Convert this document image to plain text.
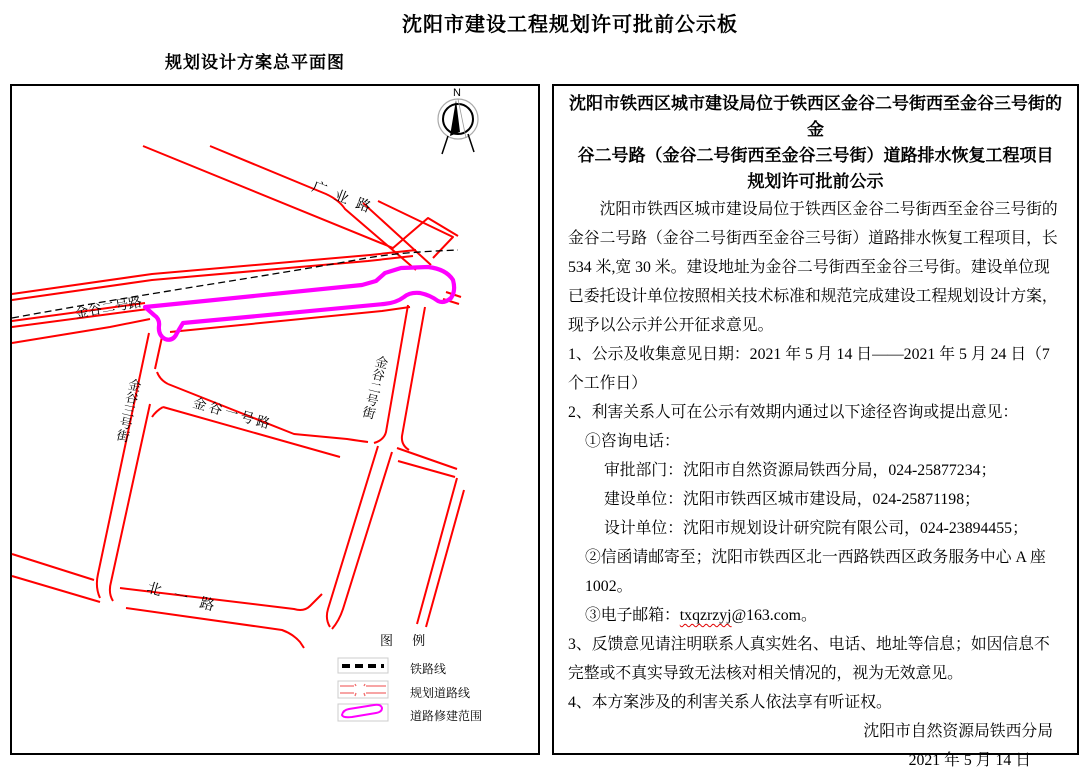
沈阳市建设工程规划许可批前公示板
规划设计方案总平面图
N
广业路
金谷二号路
金谷三号街	金谷一号路	金谷二号街
北一路
图 例
铁路线
规划道路线
道路修建范围
沈阳市铁西区城市建设局位于铁西区金谷二号街西至金谷三号街的金
谷二号路（金谷二号街西至金谷三号街）道路排水恢复工程项目
规划许可批前公示
沈阳市铁西区城市建设局位于铁西区金谷二号街西至金谷三号街的金谷二号路（金谷二号街西至金谷三号街）道路排水恢复工程项目，长 534 米,宽 30 米。建设地址为金谷二号街西至金谷三号街。建设单位现已委托设计单位按照相关技术标准和规范完成建设工程规划设计方案，现予以公示并公开征求意见。
1、公示及收集意见日期：2021 年 5 月 14 日——2021 年 5 月 24 日（7 个工作日）
2、利害关系人可在公示有效期内通过以下途径咨询或提出意见：
①咨询电话：
审批部门：沈阳市自然资源局铁西分局，024-25877234；
建设单位：沈阳市铁西区城市建设局，024-25871198；
设计单位：沈阳市规划设计研究院有限公司，024-23894455；
②信函请邮寄至；沈阳市铁西区北一西路铁西区政务服务中心 A 座 1002。
③电子邮箱：txqzrzyj@163.com。
3、反馈意见请注明联系人真实姓名、电话、地址等信息；如因信息不完整或不真实导致无法核对相关情况的，视为无效意见。
4、本方案涉及的利害关系人依法享有听证权。
沈阳市自然资源局铁西分局
2021 年 5 月 14 日
